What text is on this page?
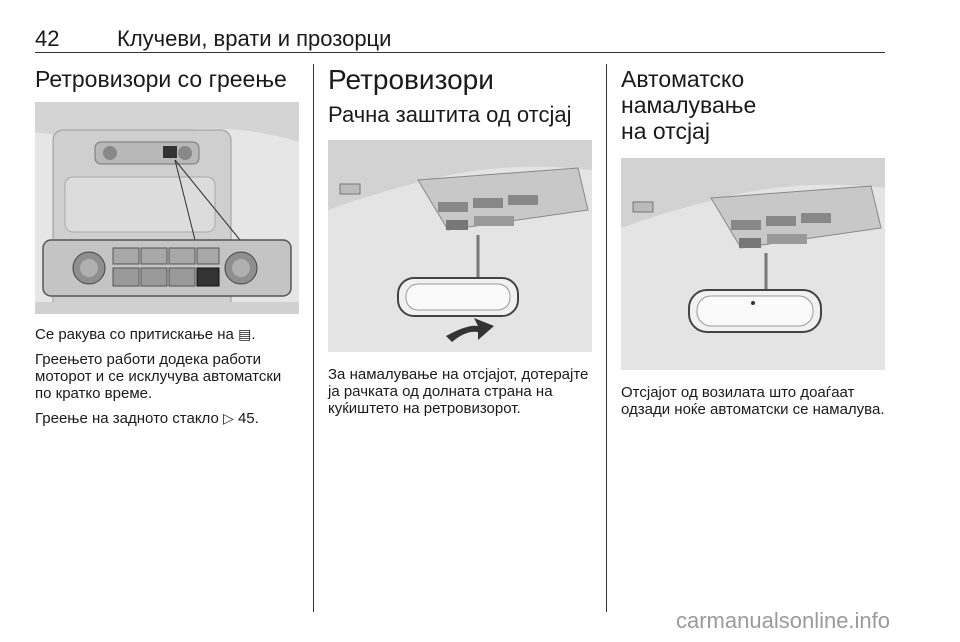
42	Клучеви, врати и прозорци
Ретровизори со греење

Се ракува со притискање на ▤.

Греењето работи додека работи моторот и се исклучува автоматски по кратко време.

Греење на задното стакло ▷ 45.

Ретровизори
Рачна заштита од отсјај

За намалување на отсјајот, дотерајте ја рачката од долната страна на куќиштето на ретровизорот.

Автоматско намалување
на отсјај

Отсјајот од возилата што доаѓаат одзади ноќе автоматски се намалува.

carmanualsonline.info
